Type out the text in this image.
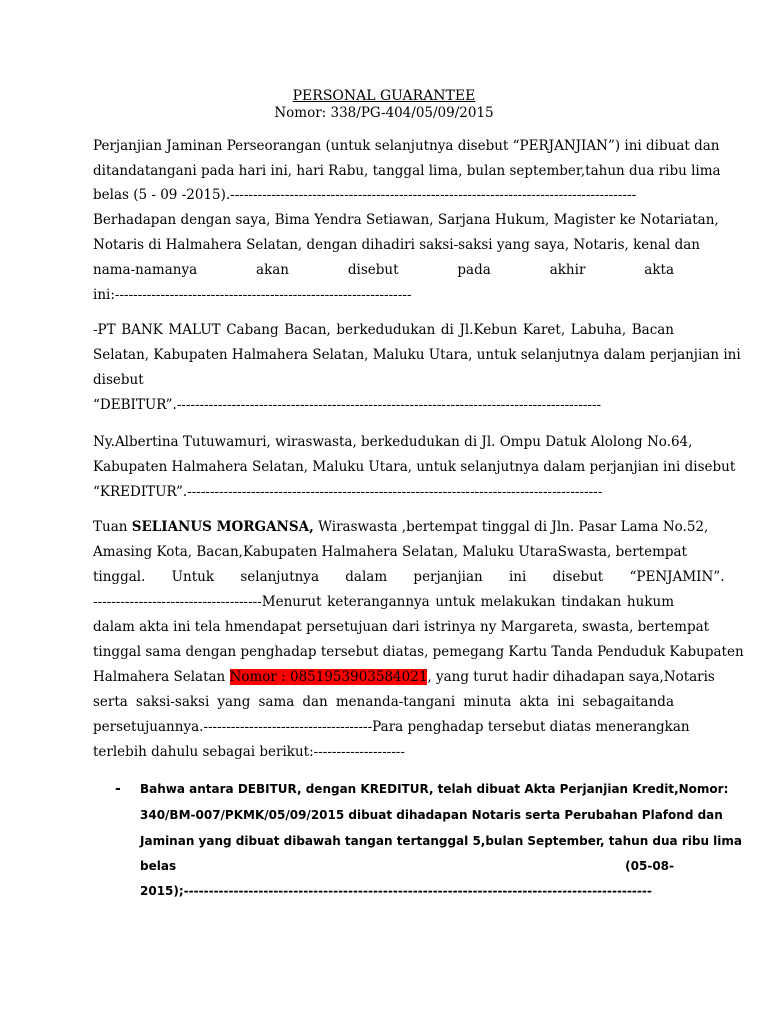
PERSONAL GUARANTEE
Nomor: 338/PG-404/05/09/2015
Perjanjian Jaminan Perseorangan (untuk selanjutnya disebut “PERJANJIAN”) ini dibuat dan
ditandatangani pada hari ini, hari Rabu, tanggal lima, bulan september,tahun dua ribu lima
belas (5 - 09 -2015).-----------------------------------------------------------------------------------------
Berhadapan dengan saya, Bima Yendra Setiawan, Sarjana Hukum, Magister ke Notariatan,
Notaris di Halmahera Selatan, dengan dihadiri saksi-saksi yang saya, Notaris, kenal dan
nama-namanya akan disebut pada akhir akta
ini:-----------------------------------------------------------------
-PT BANK MALUT Cabang Bacan, berkedudukan di Jl.Kebun Karet, Labuha, Bacan
Selatan, Kabupaten Halmahera Selatan, Maluku Utara, untuk selanjutnya dalam perjanjian ini
disebut
“DEBITUR”.---------------------------------------------------------------------------------------------
Ny.Albertina Tutuwamuri, wiraswasta, berkedudukan di Jl. Ompu Datuk Alolong No.64,
Kabupaten Halmahera Selatan, Maluku Utara, untuk selanjutnya dalam perjanjian ini disebut
“KREDITUR”.-------------------------------------------------------------------------------------------
Tuan SELIANUS MORGANSA, Wiraswasta ,bertempat tinggal di Jln. Pasar Lama No.52,
Amasing Kota, Bacan,Kabupaten Halmahera Selatan, Maluku UtaraSwasta, bertempat
tinggal. Untuk selanjutnya dalam perjanjian ini disebut “PENJAMIN”.
-------------------------------------Menurut keterangannya untuk melakukan tindakan hukum
dalam akta ini tela hmendapat persetujuan dari istrinya ny Margareta, swasta, bertempat
tinggal sama dengan penghadap tersebut diatas, pemegang Kartu Tanda Penduduk Kabupaten
Halmahera Selatan Nomor : 0851953903584021, yang turut hadir dihadapan saya,Notaris
serta saksi-saksi yang sama dan menanda-tangani minuta akta ini sebagaitanda
persetujuannya.-------------------------------------Para penghadap tersebut diatas menerangkan
terlebih dahulu sebagai berikut:--------------------
- Bahwa antara DEBITUR, dengan KREDITUR, telah dibuat Akta Perjanjian Kredit,Nomor:
340/BM-007/PKMK/05/09/2015 dibuat dihadapan Notaris serta Perubahan Plafond dan
Jaminan yang dibuat dibawah tangan tertanggal 5,bulan September, tahun dua ribu lima
belas (05-08-
2015);----------------------------------------------------------------------------------------------
